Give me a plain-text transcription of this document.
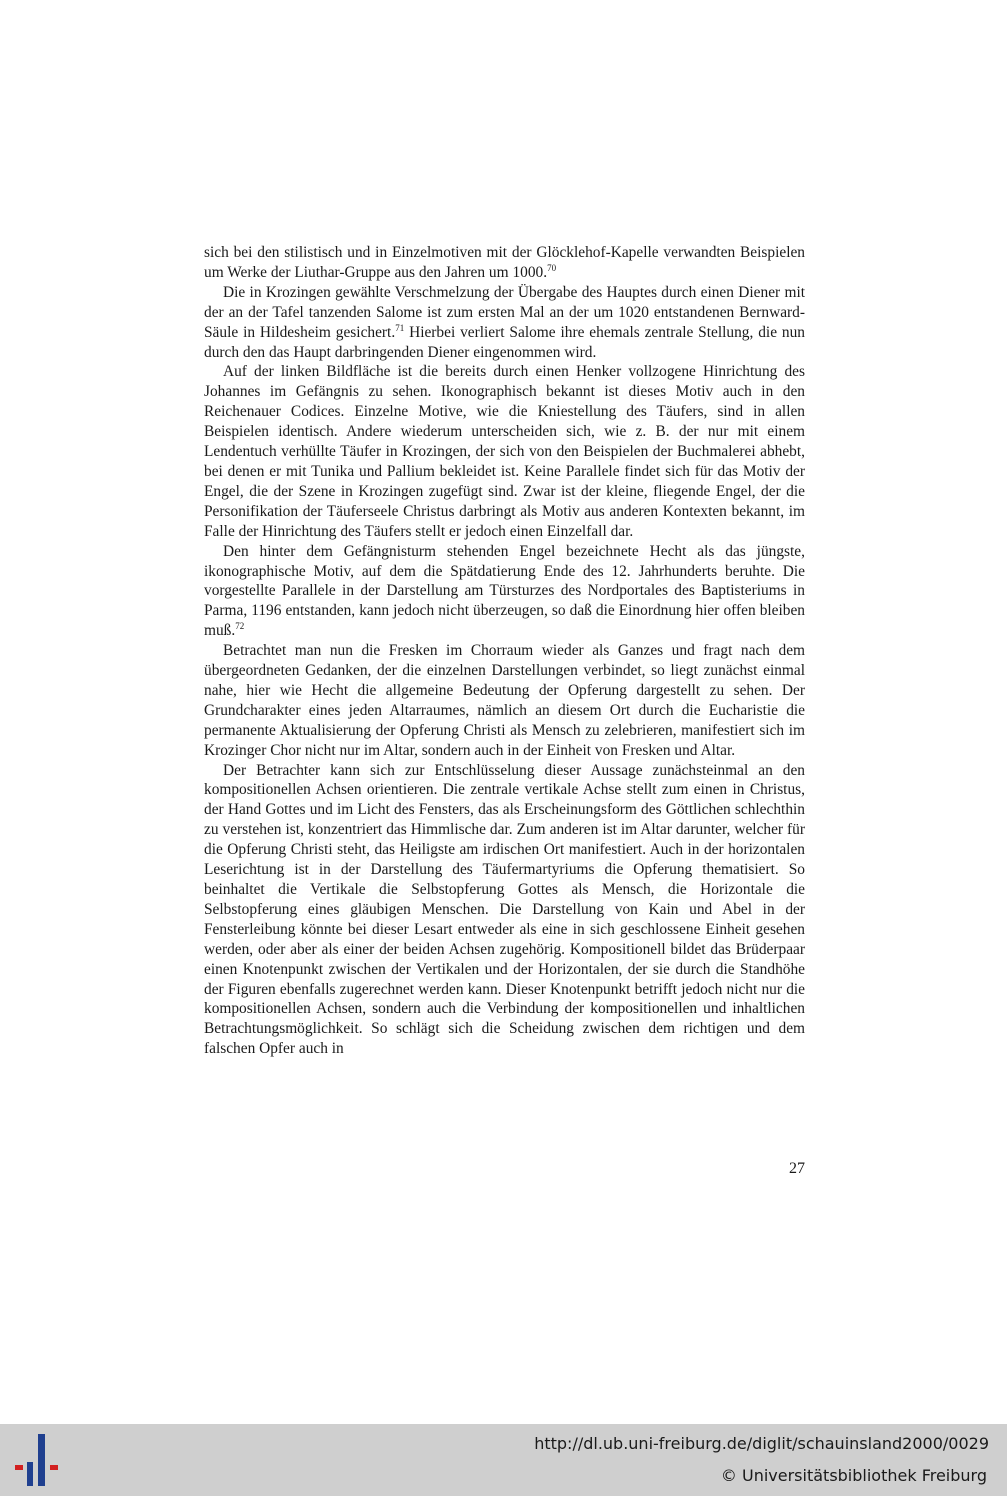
sich bei den stilistisch und in Einzelmotiven mit der Glöcklehof-Kapelle verwandten Beispielen um Werke der Liuthar-Gruppe aus den Jahren um 1000.70

Die in Krozingen gewählte Verschmelzung der Übergabe des Hauptes durch einen Diener mit der an der Tafel tanzenden Salome ist zum ersten Mal an der um 1020 entstandenen Bernward-Säule in Hildesheim gesichert.$^{71}$ Hierbei verliert Salome ihre ehemals zentrale Stellung, die nun durch den das Haupt darbringenden Diener eingenommen wird.

Auf der linken Bildfläche ist die bereits durch einen Henker vollzogene Hinrichtung des Johannes im Gefängnis zu sehen. Ikonographisch bekannt ist dieses Motiv auch in den Reichenauer Codices. Einzelne Motive, wie die Kniestellung des Täufers, sind in allen Beispielen identisch. Andere wiederum unterscheiden sich, wie z. B. der nur mit einem Lendentuch verhüllte Täufer in Krozingen, der sich von den Beispielen der Buchmalerei abhebt, bei denen er mit Tunika und Pallium bekleidet ist. Keine Parallele findet sich für das Motiv der Engel, die der Szene in Krozingen zugefügt sind. Zwar ist der kleine, fliegende Engel, der die Personifikation der Täuferseele Christus darbringt als Motiv aus anderen Kontexten bekannt, im Falle der Hinrichtung des Täufers stellt er jedoch einen Einzelfall dar.

Den hinter dem Gefängnisturm stehenden Engel bezeichnete Hecht als das jüngste, ikonographische Motiv, auf dem die Spätdatierung Ende des 12. Jahrhunderts beruhte. Die vorgestellte Parallele in der Darstellung am Türsturzes des Nordportales des Baptisteriums in Parma, 1196 entstanden, kann jedoch nicht überzeugen, so daß die Einordnung hier offen bleiben muß.$^{72}$

Betrachtet man nun die Fresken im Chorraum wieder als Ganzes und fragt nach dem übergeordneten Gedanken, der die einzelnen Darstellungen verbindet, so liegt zunächst einmal nahe, hier wie Hecht die allgemeine Bedeutung der Opferung dargestellt zu sehen. Der Grundcharakter eines jeden Altarraumes, nämlich an diesem Ort durch die Eucharistie die permanente Aktualisierung der Opferung Christi als Mensch zu zelebrieren, manifestiert sich im Krozinger Chor nicht nur im Altar, sondern auch in der Einheit von Fresken und Altar.

Der Betrachter kann sich zur Entschlüsselung dieser Aussage zunächsteinmal an den kompositionellen Achsen orientieren. Die zentrale vertikale Achse stellt zum einen in Christus, der Hand Gottes und im Licht des Fensters, das als Erscheinungsform des Göttlichen schlechthin zu verstehen ist, konzentriert das Himmlische dar. Zum anderen ist im Altar darunter, welcher für die Opferung Christi steht, das Heiligste am irdischen Ort manifestiert. Auch in der horizontalen Leserichtung ist in der Darstellung des Täufermartyriums die Opferung thematisiert. So beinhaltet die Vertikale die Selbstopferung Gottes als Mensch, die Horizontale die Selbstopferung eines gläubigen Menschen. Die Darstellung von Kain und Abel in der Fensterleibung könnte bei dieser Lesart entweder als eine in sich geschlossene Einheit gesehen werden, oder aber als einer der beiden Achsen zugehörig. Kompositionell bildet das Brüderpaar einen Knotenpunkt zwischen der Vertikalen und der Horizontalen, der sie durch die Standhöhe der Figuren ebenfalls zugerechnet werden kann. Dieser Knotenpunkt betrifft jedoch nicht nur die kompositionellen Achsen, sondern auch die Verbindung der kompositionellen und inhaltlichen Betrachtungsmöglichkeit. So schlägt sich die Scheidung zwischen dem richtigen und dem falschen Opfer auch in

27
http://dl.ub.uni-freiburg.de/diglit/schauinsland2000/0029
© Universitätsbibliothek Freiburg
